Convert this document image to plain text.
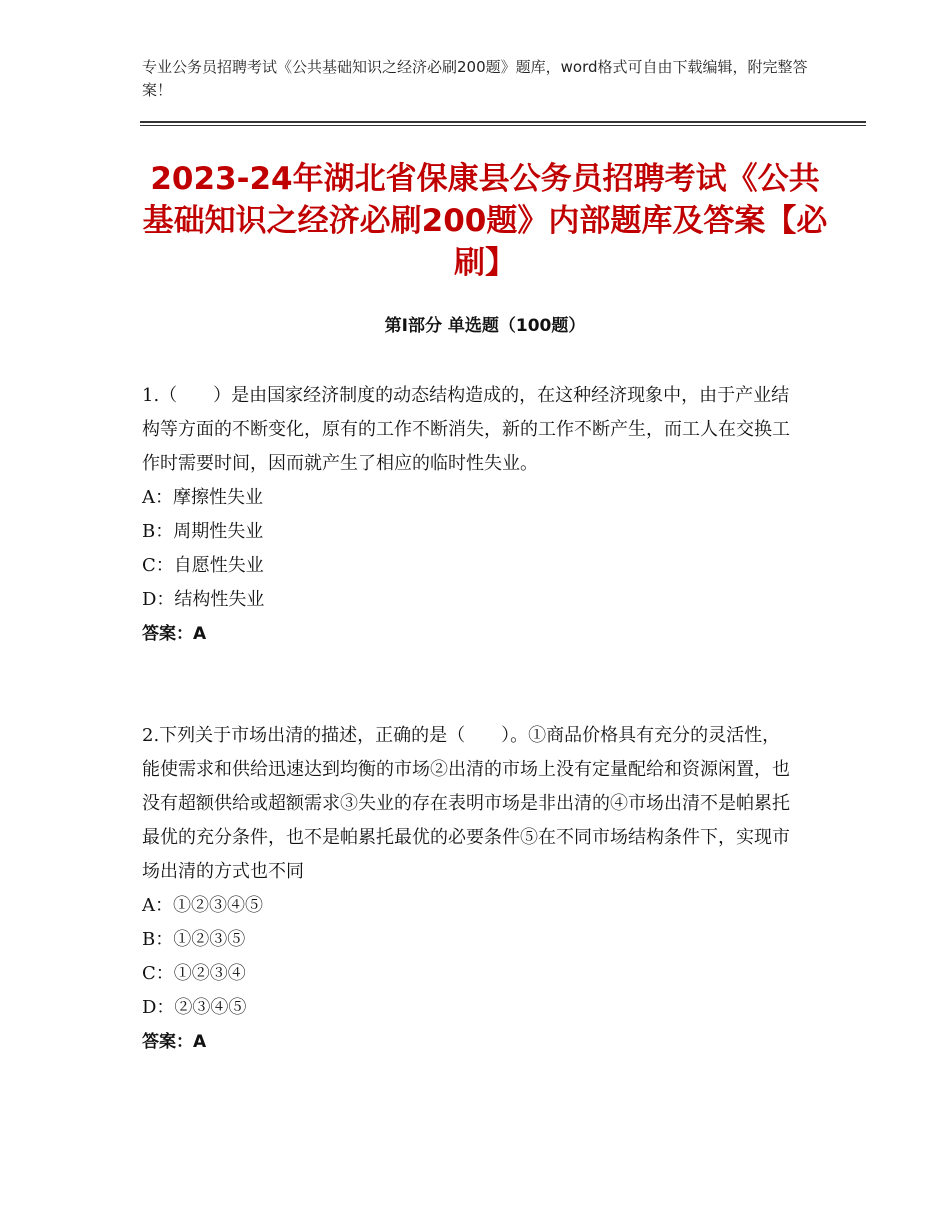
专业公务员招聘考试《公共基础知识之经济必刷200题》题库，word格式可自由下载编辑，附完整答案！
2023-24年湖北省保康县公务员招聘考试《公共基础知识之经济必刷200题》内部题库及答案【必刷】
第Ⅰ部分 单选题（100题）

1.（　　）是由国家经济制度的动态结构造成的，在这种经济现象中，由于产业结构等方面的不断变化，原有的工作不断消失，新的工作不断产生，而工人在交换工作时需要时间，因而就产生了相应的临时性失业。

A：摩擦性失业

B：周期性失业

C：自愿性失业

D：结构性失业

答案：A

2.下列关于市场出清的描述，正确的是（　　）。①商品价格具有充分的灵活性，能使需求和供给迅速达到均衡的市场②出清的市场上没有定量配给和资源闲置，也没有超额供给或超额需求③失业的存在表明市场是非出清的④市场出清不是帕累托最优的充分条件，也不是帕累托最优的必要条件⑤在不同市场结构条件下，实现市场出清的方式也不同

A：①②③④⑤

B：①②③⑤

C：①②③④

D：②③④⑤

答案：A
